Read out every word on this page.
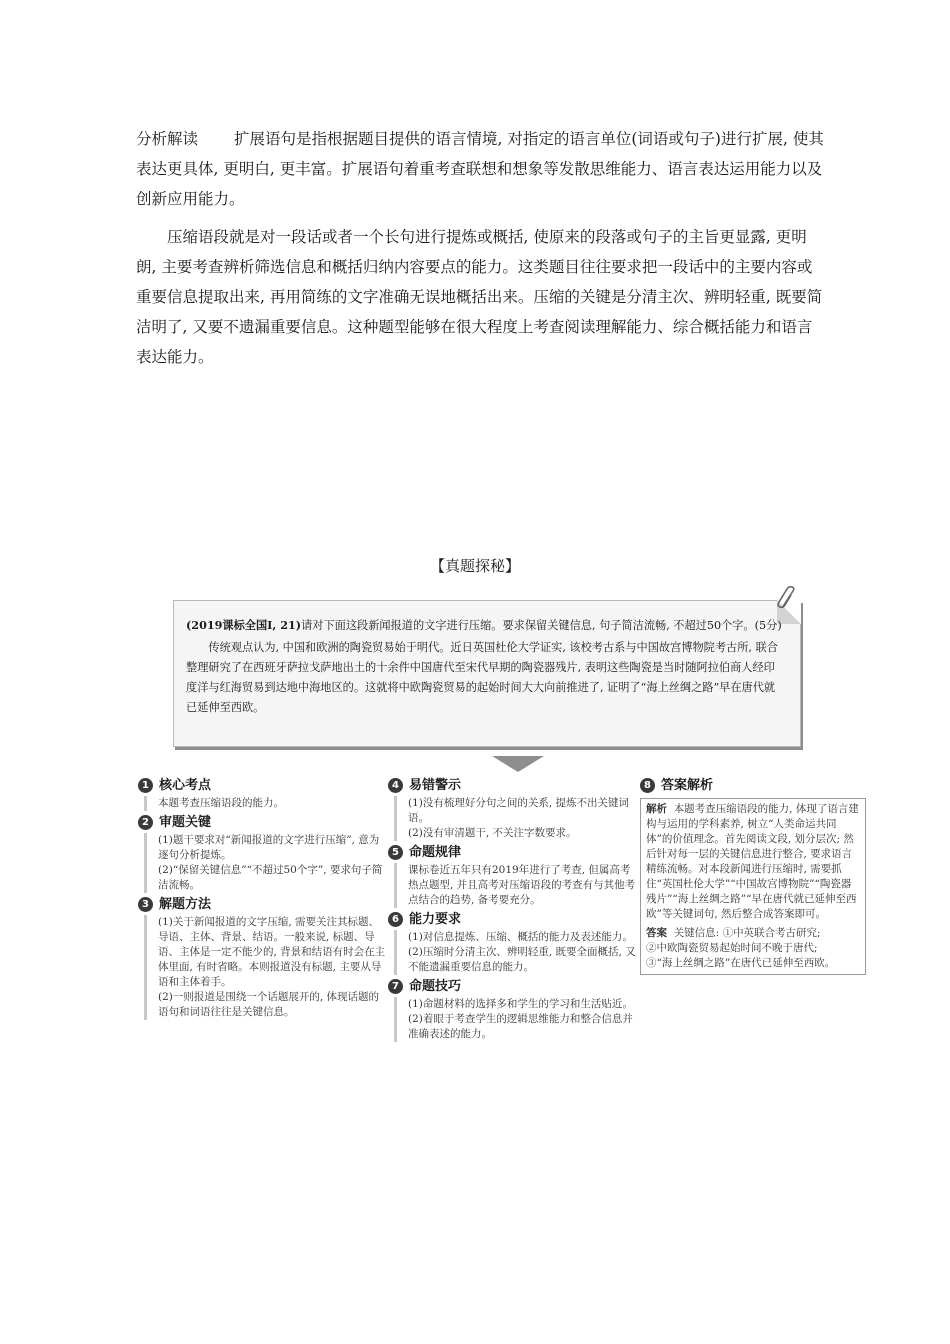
分析解读 扩展语句是指根据题目提供的语言情境, 对指定的语言单位(词语或句子)进行扩展, 使其表达更具体, 更明白, 更丰富。扩展语句着重考查联想和想象等发散思维能力、语言表达运用能力以及创新应用能力。

压缩语段就是对一段话或者一个长句进行提炼或概括, 使原来的段落或句子的主旨更显露, 更明朗, 主要考查辨析筛选信息和概括归纳内容要点的能力。这类题目往往要求把一段话中的主要内容或重要信息提取出来, 再用简练的文字准确无误地概括出来。压缩的关键是分清主次、辨明轻重, 既要简洁明了, 又要不遗漏重要信息。这种题型能够在很大程度上考查阅读理解能力、综合概括能力和语言表达能力。

【真题探秘】
(2019课标全国Ⅰ, 21)请对下面这段新闻报道的文字进行压缩。要求保留关键信息, 句子简洁流畅, 不超过50个字。(5分)
传统观点认为, 中国和欧洲的陶瓷贸易始于明代。近日英国杜伦大学证实, 该校考古系与中国故宫博物院考古所, 联合整理研究了在西班牙萨拉戈萨地出土的十余件中国唐代至宋代早期的陶瓷器残片, 表明这些陶瓷是当时随阿拉伯商人经印度洋与红海贸易到达地中海地区的。这就将中欧陶瓷贸易的起始时间大大向前推进了, 证明了“海上丝绸之路”早在唐代就已延伸至西欧。
1 核心考点

本题考查压缩语段的能力。

2 审题关键

(1)题干要求对“新闻报道的文字进行压缩”, 意为逐句分析提炼。

(2)“保留关键信息”“不超过50个字”, 要求句子简洁流畅。

3 解题方法

(1)关于新闻报道的文字压缩, 需要关注其标题、导语、主体、背景、结语。一般来说, 标题、导语、主体是一定不能少的, 背景和结语有时会在主体里面, 有时省略。本则报道没有标题, 主要从导语和主体着手。

(2)一则报道是围绕一个话题展开的, 体现话题的语句和词语往往是关键信息。

4 易错警示

(1)没有梳理好分句之间的关系, 提炼不出关键词语。

(2)没有审清题干, 不关注字数要求。

5 命题规律

课标卷近五年只有2019年进行了考查, 但属高考热点题型, 并且高考对压缩语段的考查有与其他考点结合的趋势, 备考要充分。

6 能力要求

(1)对信息提炼、压缩、概括的能力及表述能力。

(2)压缩时分清主次、辨明轻重, 既要全面概括, 又不能遗漏重要信息的能力。

7 命题技巧

(1)命题材料的选择多和学生的学习和生活贴近。

(2)着眼于考查学生的逻辑思维能力和整合信息并准确表述的能力。

8 答案解析

解析 本题考查压缩语段的能力, 体现了语言建构与运用的学科素养, 树立“人类命运共同体”的价值理念。首先阅读文段, 划分层次; 然后针对每一层的关键信息进行整合, 要求语言精练流畅。对本段新闻进行压缩时, 需要抓住“英国杜伦大学”“中国故宫博物院”“陶瓷器残片”“海上丝绸之路”“早在唐代就已延伸至西欧”等关键词句, 然后整合成答案即可。

答案 关键信息: ①中英联合考古研究;

②中欧陶瓷贸易起始时间不晚于唐代;

③“海上丝绸之路”在唐代已延伸至西欧。
